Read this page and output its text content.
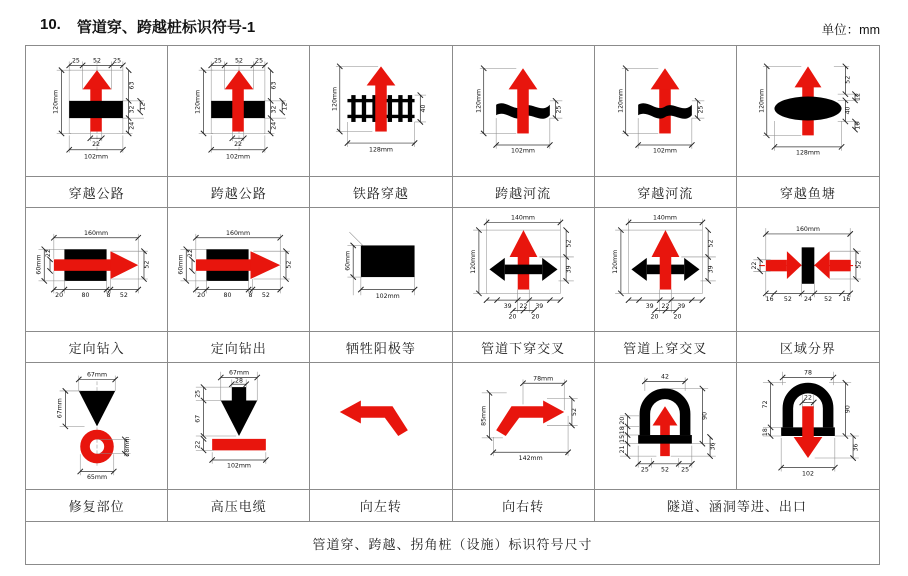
10. 管道穿、跨越桩标识符号-1	单位：mm
25 52 25
120mm
63
32
24
12
22
102mm
25 52 25
120mm
63
32
24
12
22
102mm
120mm
128mm
40	120mm
102mm
25	120mm
102mm
25	120mm
128mm
52
40
12
16
穿越公路	跨越公路	铁路穿越	跨越河流	穿越河流	穿越鱼塘
160mm
60mm
22
20	80	8 52
52
160mm
60mm
22
20	80	8 52
52	60mm
102mm
140mm
120mm
52
39
39 22 39
20 20
140mm
120mm
52
39
39 22 39
20 20
160mm
22	52
16 52 24 52 16
定向钻入	定向钻出	牺牲阳极等	管道下穿交叉	管道上穿交叉	区域分界
67mm
67mm
28mm
65mm
67mm
28
25
67
22
102mm
78mm
85mm	52
142mm
42
20
18
15
21
90
36
25 52 25
78
22
72
18
90
36
102
修复部位	高压电缆	向左转	向右转	隧道、涵洞等进、出口
管道穿、跨越、拐角桩（设施）标识符号尺寸
